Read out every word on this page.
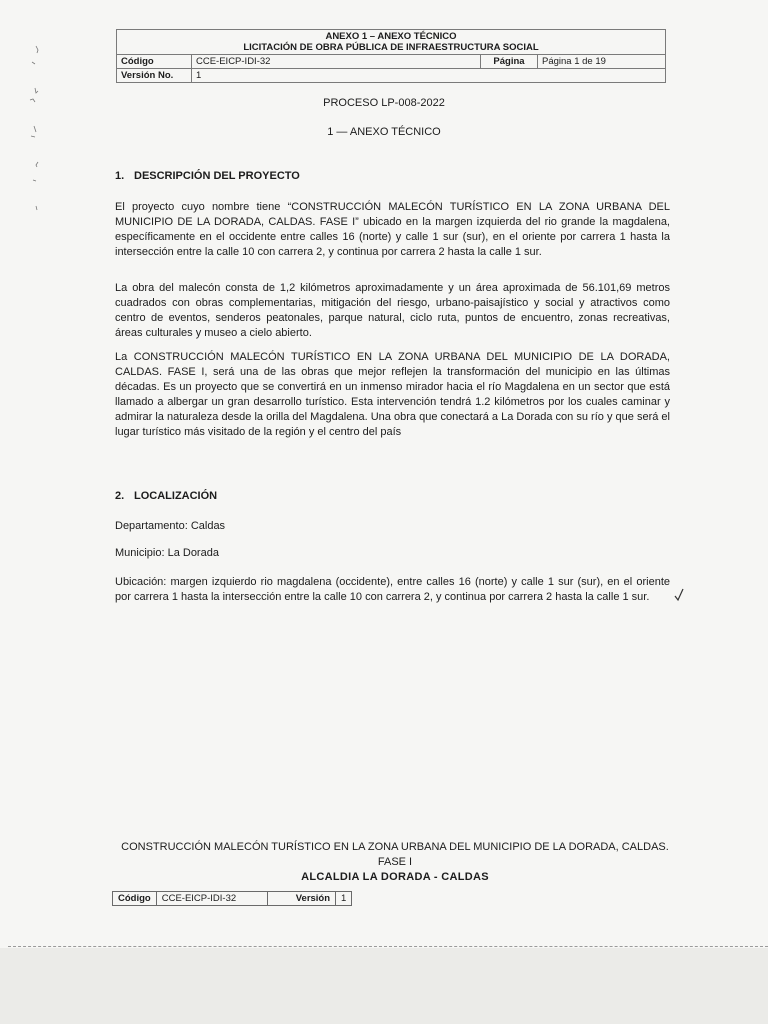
ANEXO 1 – ANEXO TÉCNICO
LICITACIÓN DE OBRA PÚBLICA DE INFRAESTRUCTURA SOCIAL
Código	CCE-EICP-IDI-32	Página	Página 1 de 19
Versión No.	1
PROCESO LP-008-2022
1 — ANEXO TÉCNICO
1. DESCRIPCIÓN DEL PROYECTO

El proyecto cuyo nombre tiene “CONSTRUCCIÓN MALECÓN TURÍSTICO EN LA ZONA URBANA DEL MUNICIPIO DE LA DORADA, CALDAS. FASE I” ubicado en la margen izquierda del rio grande la magdalena, específicamente en el occidente entre calles 16 (norte) y calle 1 sur (sur), en el oriente por carrera 1 hasta la intersección entre la calle 10 con carrera 2, y continua por carrera 2 hasta la calle 1 sur.

La obra del malecón consta de 1,2 kilómetros aproximadamente y un área aproximada de 56.101,69 metros cuadrados con obras complementarias, mitigación del riesgo, urbano-paisajístico y social y atractivos como centro de eventos, senderos peatonales, parque natural, ciclo ruta, puntos de encuentro, zonas recreativas, áreas culturales y museo a cielo abierto.

La CONSTRUCCIÓN MALECÓN TURÍSTICO EN LA ZONA URBANA DEL MUNICIPIO DE LA DORADA, CALDAS. FASE I, será una de las obras que mejor reflejen la transformación del municipio en las últimas décadas. Es un proyecto que se convertirá en un inmenso mirador hacia el río Magdalena en un sector que está llamado a albergar un gran desarrollo turístico. Esta intervención tendrá 1.2 kilómetros por los cuales caminar y admirar la naturaleza desde la orilla del Magdalena. Una obra que conectará a La Dorada con su río y que será el lugar turístico más visitado de la región y el centro del país

2. LOCALIZACIÓN
Departamento: Caldas
Municipio: La Dorada

Ubicación: margen izquierdo rio magdalena (occidente), entre calles 16 (norte) y calle 1 sur (sur), en el oriente por carrera 1 hasta la intersección entre la calle 10 con carrera 2, y continua por carrera 2 hasta la calle 1 sur.

CONSTRUCCIÓN MALECÓN TURÍSTICO EN LA ZONA URBANA DEL MUNICIPIO DE LA DORADA, CALDAS. FASE I
ALCALDIA LA DORADA - CALDAS
Código	CCE-EICP-IDI-32	Versión	1
